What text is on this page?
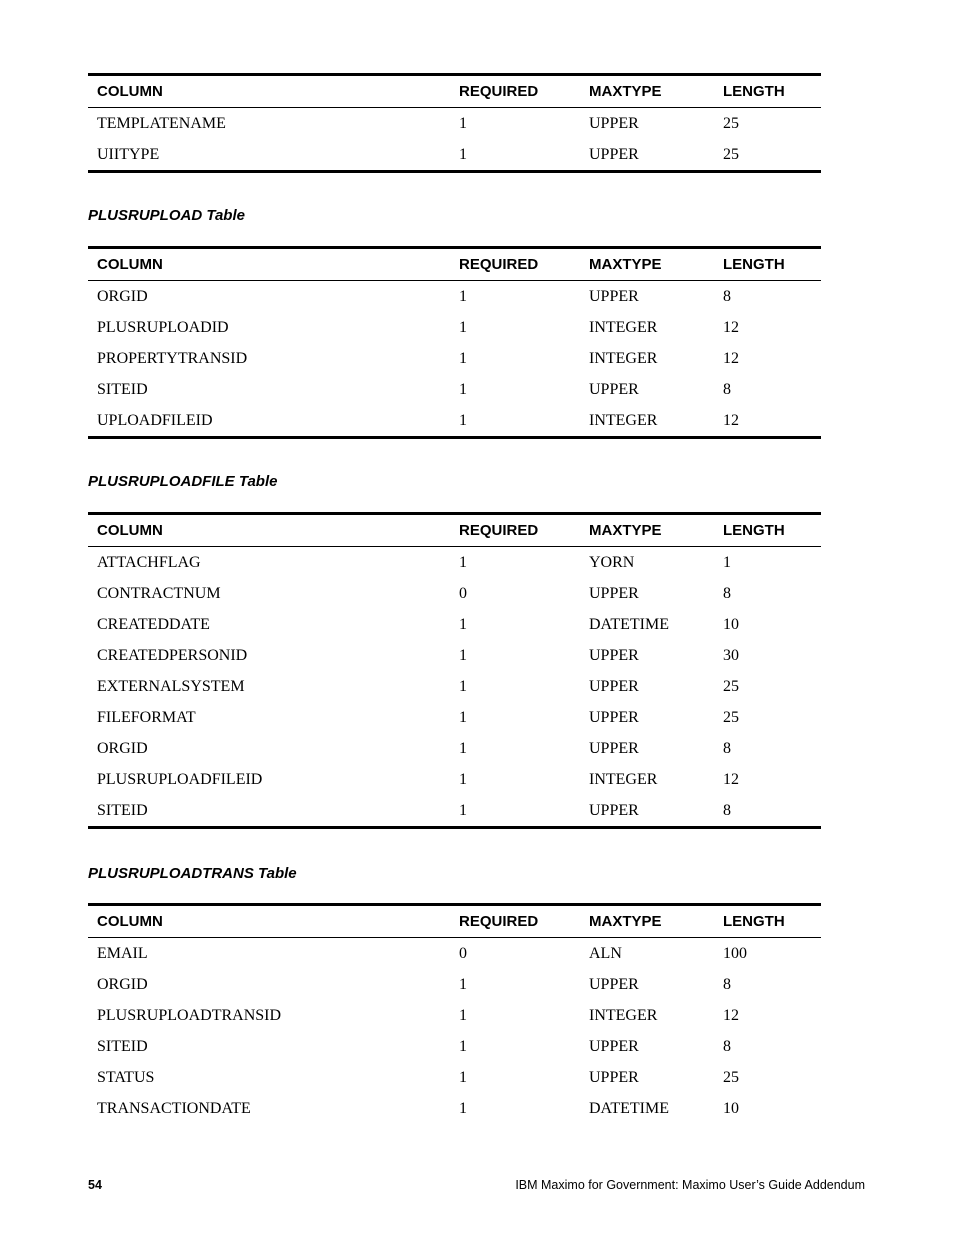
COLUMN	REQUIRED	MAXTYPE	LENGTH
TEMPLATENAME	1	UPPER	25
UIITYPE	1	UPPER	25
PLUSRUPLOAD Table
COLUMN	REQUIRED	MAXTYPE	LENGTH
ORGID	1	UPPER	8
PLUSRUPLOADID	1	INTEGER	12
PROPERTYTRANSID	1	INTEGER	12
SITEID	1	UPPER	8
UPLOADFILEID	1	INTEGER	12
PLUSRUPLOADFILE Table
COLUMN	REQUIRED	MAXTYPE	LENGTH
ATTACHFLAG	1	YORN	1
CONTRACTNUM	0	UPPER	8
CREATEDDATE	1	DATETIME	10
CREATEDPERSONID	1	UPPER	30
EXTERNALSYSTEM	1	UPPER	25
FILEFORMAT	1	UPPER	25
ORGID	1	UPPER	8
PLUSRUPLOADFILEID	1	INTEGER	12
SITEID	1	UPPER	8
PLUSRUPLOADTRANS Table
COLUMN	REQUIRED	MAXTYPE	LENGTH
EMAIL	0	ALN	100
ORGID	1	UPPER	8
PLUSRUPLOADTRANSID	1	INTEGER	12
SITEID	1	UPPER	8
STATUS	1	UPPER	25
TRANSACTIONDATE	1	DATETIME	10
54	IBM Maximo for Government: Maximo User’s Guide Addendum
